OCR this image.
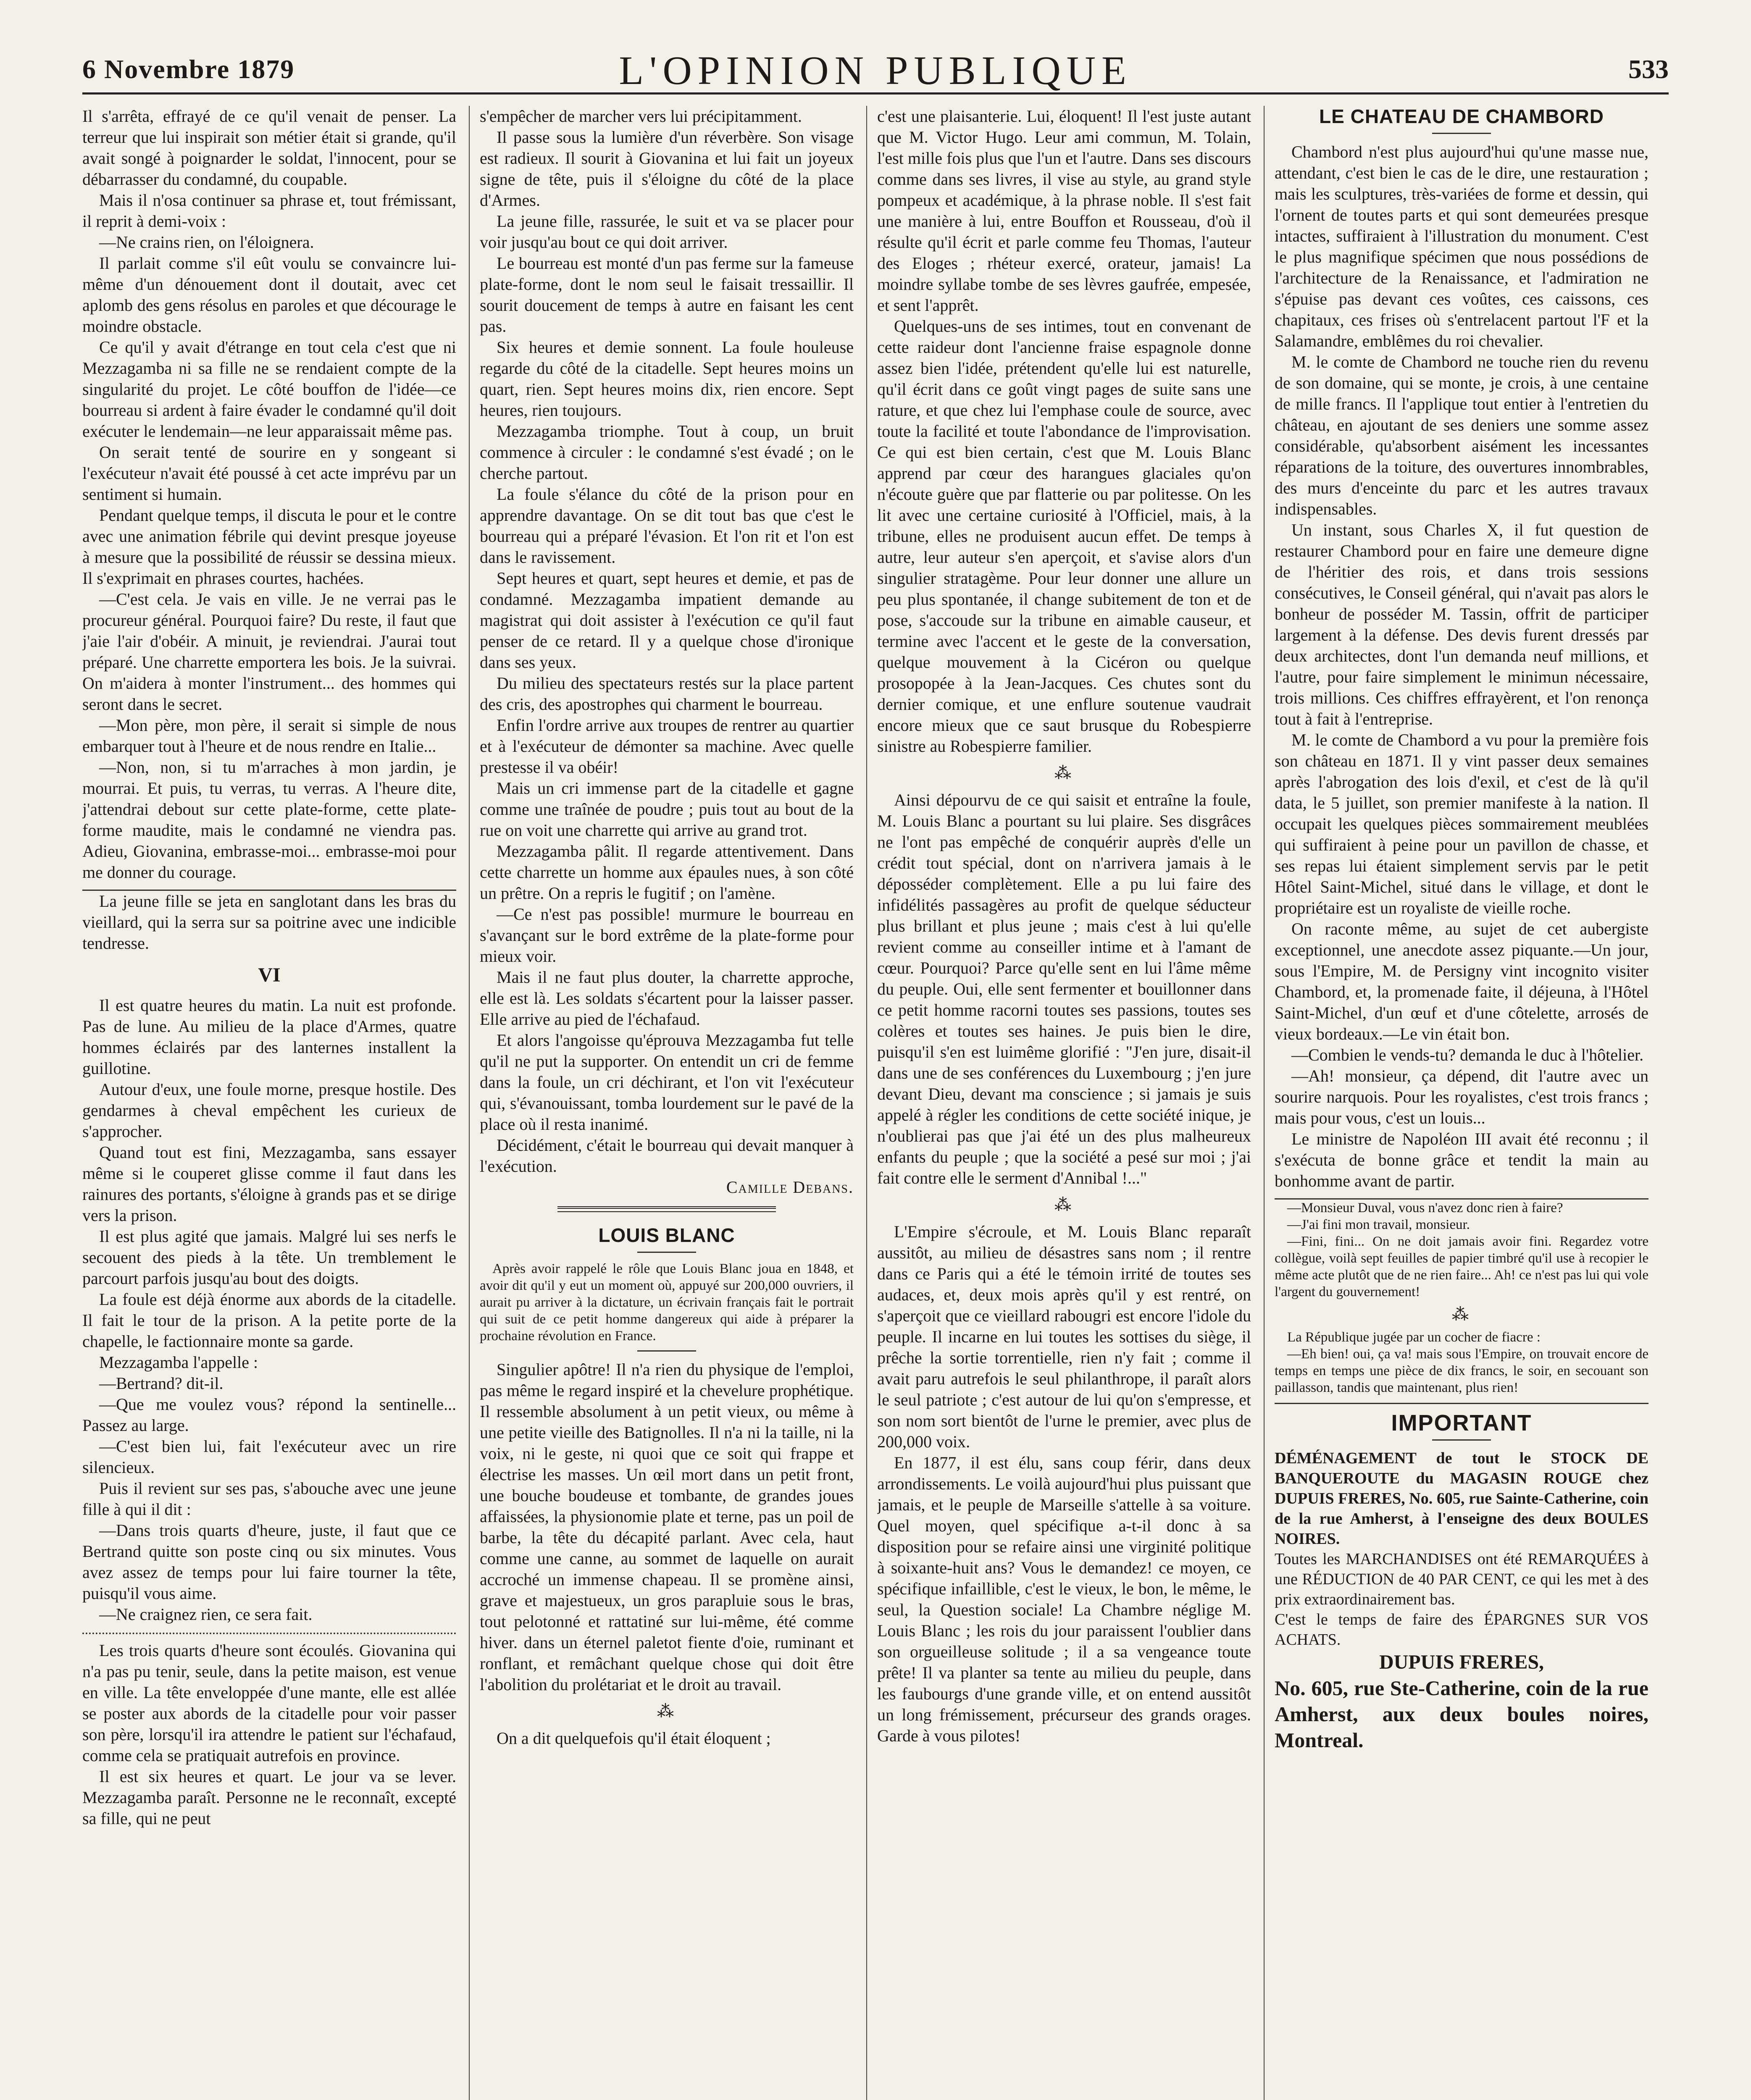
6 Novembre 1879	L'OPINION PUBLIQUE	533

Il s'arrêta, effrayé de ce qu'il venait de penser. La terreur que lui inspirait son métier était si grande, qu'il avait songé à poignarder le soldat, l'innocent, pour se débarrasser du condamné, du coupable.

Mais il n'osa continuer sa phrase et, tout frémissant, il reprit à demi-voix :

—Ne crains rien, on l'éloignera.

Il parlait comme s'il eût voulu se convaincre lui-même d'un dénouement dont il doutait, avec cet aplomb des gens résolus en paroles et que décourage le moindre obstacle.

Ce qu'il y avait d'étrange en tout cela c'est que ni Mezzagamba ni sa fille ne se rendaient compte de la singularité du projet. Le côté bouffon de l'idée—ce bourreau si ardent à faire évader le condamné qu'il doit exécuter le lendemain—ne leur apparaissait même pas.

On serait tenté de sourire en y songeant si l'exécuteur n'avait été poussé à cet acte imprévu par un sentiment si humain.

Pendant quelque temps, il discuta le pour et le contre avec une animation fébrile qui devint presque joyeuse à mesure que la possibilité de réussir se dessina mieux. Il s'exprimait en phrases courtes, hachées.

—C'est cela. Je vais en ville. Je ne verrai pas le procureur général. Pourquoi faire? Du reste, il faut que j'aie l'air d'obéir. A minuit, je reviendrai. J'aurai tout préparé. Une charrette emportera les bois. Je la suivrai. On m'aidera à monter l'instrument... des hommes qui seront dans le secret.

—Mon père, mon père, il serait si simple de nous embarquer tout à l'heure et de nous rendre en Italie...

—Non, non, si tu m'arraches à mon jardin, je mourrai. Et puis, tu verras, tu verras. A l'heure dite, j'attendrai debout sur cette plate-forme, cette plate-forme maudite, mais le condamné ne viendra pas. Adieu, Giovanina, embrasse-moi... embrasse-moi pour me donner du courage.

La jeune fille se jeta en sanglotant dans les bras du vieillard, qui la serra sur sa poitrine avec une indicible tendresse.

VI

Il est quatre heures du matin. La nuit est profonde. Pas de lune. Au milieu de la place d'Armes, quatre hommes éclairés par des lanternes installent la guillotine.

Autour d'eux, une foule morne, presque hostile. Des gendarmes à cheval empêchent les curieux de s'approcher.

Quand tout est fini, Mezzagamba, sans essayer même si le couperet glisse comme il faut dans les rainures des portants, s'éloigne à grands pas et se dirige vers la prison.

Il est plus agité que jamais. Malgré lui ses nerfs le secouent des pieds à la tête. Un tremblement le parcourt parfois jusqu'au bout des doigts.

La foule est déjà énorme aux abords de la citadelle. Il fait le tour de la prison. A la petite porte de la chapelle, le factionnaire monte sa garde.

Mezzagamba l'appelle :

—Bertrand? dit-il.

—Que me voulez vous? répond la sentinelle... Passez au large.

—C'est bien lui, fait l'exécuteur avec un rire silencieux.

Puis il revient sur ses pas, s'abouche avec une jeune fille à qui il dit :

—Dans trois quarts d'heure, juste, il faut que ce Bertrand quitte son poste cinq ou six minutes. Vous avez assez de temps pour lui faire tourner la tête, puisqu'il vous aime.

—Ne craignez rien, ce sera fait.

Les trois quarts d'heure sont écoulés. Giovanina qui n'a pas pu tenir, seule, dans la petite maison, est venue en ville. La tête enveloppée d'une mante, elle est allée se poster aux abords de la citadelle pour voir passer son père, lorsqu'il ira attendre le patient sur l'échafaud, comme cela se pratiquait autrefois en province.

Il est six heures et quart. Le jour va se lever. Mezzagamba paraît. Personne ne le reconnaît, excepté sa fille, qui ne peut

s'empêcher de marcher vers lui précipitamment.

Il passe sous la lumière d'un réverbère. Son visage est radieux. Il sourit à Giovanina et lui fait un joyeux signe de tête, puis il s'éloigne du côté de la place d'Armes.

La jeune fille, rassurée, le suit et va se placer pour voir jusqu'au bout ce qui doit arriver.

Le bourreau est monté d'un pas ferme sur la fameuse plate-forme, dont le nom seul le faisait tressaillir. Il sourit doucement de temps à autre en faisant les cent pas.

Six heures et demie sonnent. La foule houleuse regarde du côté de la citadelle. Sept heures moins un quart, rien. Sept heures moins dix, rien encore. Sept heures, rien toujours.

Mezzagamba triomphe. Tout à coup, un bruit commence à circuler : le condamné s'est évadé ; on le cherche partout.

La foule s'élance du côté de la prison pour en apprendre davantage. On se dit tout bas que c'est le bourreau qui a préparé l'évasion. Et l'on rit et l'on est dans le ravissement.

Sept heures et quart, sept heures et demie, et pas de condamné. Mezzagamba impatient demande au magistrat qui doit assister à l'exécution ce qu'il faut penser de ce retard. Il y a quelque chose d'ironique dans ses yeux.

Du milieu des spectateurs restés sur la place partent des cris, des apostrophes qui charment le bourreau.

Enfin l'ordre arrive aux troupes de rentrer au quartier et à l'exécuteur de démonter sa machine. Avec quelle prestesse il va obéir!

Mais un cri immense part de la citadelle et gagne comme une traînée de poudre ; puis tout au bout de la rue on voit une charrette qui arrive au grand trot.

Mezzagamba pâlit. Il regarde attentivement. Dans cette charrette un homme aux épaules nues, à son côté un prêtre. On a repris le fugitif ; on l'amène.

—Ce n'est pas possible! murmure le bourreau en s'avançant sur le bord extrême de la plate-forme pour mieux voir.

Mais il ne faut plus douter, la charrette approche, elle est là. Les soldats s'écartent pour la laisser passer. Elle arrive au pied de l'échafaud.

Et alors l'angoisse qu'éprouva Mezzagamba fut telle qu'il ne put la supporter. On entendit un cri de femme dans la foule, un cri déchirant, et l'on vit l'exécuteur qui, s'évanouissant, tomba lourdement sur le pavé de la place où il resta inanimé.

Décidément, c'était le bourreau qui devait manquer à l'exécution.

Camille Debans.

LOUIS BLANC

Après avoir rappelé le rôle que Louis Blanc joua en 1848, et avoir dit qu'il y eut un moment où, appuyé sur 200,000 ouvriers, il aurait pu arriver à la dictature, un écrivain français fait le portrait qui suit de ce petit homme dangereux qui aide à préparer la prochaine révolution en France.

Singulier apôtre! Il n'a rien du physique de l'emploi, pas même le regard inspiré et la chevelure prophétique. Il ressemble absolument à un petit vieux, ou même à une petite vieille des Batignolles. Il n'a ni la taille, ni la voix, ni le geste, ni quoi que ce soit qui frappe et électrise les masses. Un œil mort dans un petit front, une bouche boudeuse et tombante, de grandes joues affaissées, la physionomie plate et terne, pas un poil de barbe, la tête du décapité parlant. Avec cela, haut comme une canne, au sommet de laquelle on aurait accroché un immense chapeau. Il se promène ainsi, grave et majestueux, un gros parapluie sous le bras, tout pelotonné et rattatiné sur lui-même, été comme hiver. dans un éternel paletot fiente d'oie, ruminant et ronflant, et remâchant quelque chose qui doit être l'abolition du prolétariat et le droit au travail.

⁂

On a dit quelquefois qu'il était éloquent ;

c'est une plaisanterie. Lui, éloquent! Il l'est juste autant que M. Victor Hugo. Leur ami commun, M. Tolain, l'est mille fois plus que l'un et l'autre. Dans ses discours comme dans ses livres, il vise au style, au grand style pompeux et académique, à la phrase noble. Il s'est fait une manière à lui, entre Bouffon et Rousseau, d'où il résulte qu'il écrit et parle comme feu Thomas, l'auteur des Eloges ; rhéteur exercé, orateur, jamais! La moindre syllabe tombe de ses lèvres gaufrée, empesée, et sent l'apprêt.

Quelques-uns de ses intimes, tout en convenant de cette raideur dont l'ancienne fraise espagnole donne assez bien l'idée, prétendent qu'elle lui est naturelle, qu'il écrit dans ce goût vingt pages de suite sans une rature, et que chez lui l'emphase coule de source, avec toute la facilité et toute l'abondance de l'improvisation. Ce qui est bien certain, c'est que M. Louis Blanc apprend par cœur des harangues glaciales qu'on n'écoute guère que par flatterie ou par politesse. On les lit avec une certaine curiosité à l'Officiel, mais, à la tribune, elles ne produisent aucun effet. De temps à autre, leur auteur s'en aperçoit, et s'avise alors d'un singulier stratagème. Pour leur donner une allure un peu plus spontanée, il change subitement de ton et de pose, s'accoude sur la tribune en aimable causeur, et termine avec l'accent et le geste de la conversation, quelque mouvement à la Cicéron ou quelque prosopopée à la Jean-Jacques. Ces chutes sont du dernier comique, et une enflure soutenue vaudrait encore mieux que ce saut brusque du Robespierre sinistre au Robespierre familier.

⁂

Ainsi dépourvu de ce qui saisit et entraîne la foule, M. Louis Blanc a pourtant su lui plaire. Ses disgrâces ne l'ont pas empêché de conquérir auprès d'elle un crédit tout spécial, dont on n'arrivera jamais à le déposséder complètement. Elle a pu lui faire des infidélités passagères au profit de quelque séducteur plus brillant et plus jeune ; mais c'est à lui qu'elle revient comme au conseiller intime et à l'amant de cœur. Pourquoi? Parce qu'elle sent en lui l'âme même du peuple. Oui, elle sent fermenter et bouillonner dans ce petit homme racorni toutes ses passions, toutes ses colères et toutes ses haines. Je puis bien le dire, puisqu'il s'en est luimême glorifié : "J'en jure, disait-il dans une de ses conférences du Luxembourg ; j'en jure devant Dieu, devant ma conscience ; si jamais je suis appelé à régler les conditions de cette société inique, je n'oublierai pas que j'ai été un des plus malheureux enfants du peuple ; que la société a pesé sur moi ; j'ai fait contre elle le serment d'Annibal !..."

⁂

L'Empire s'écroule, et M. Louis Blanc reparaît aussitôt, au milieu de désastres sans nom ; il rentre dans ce Paris qui a été le témoin irrité de toutes ses audaces, et, deux mois après qu'il y est rentré, on s'aperçoit que ce vieillard rabougri est encore l'idole du peuple. Il incarne en lui toutes les sottises du siège, il prêche la sortie torrentielle, rien n'y fait ; comme il avait paru autrefois le seul philanthrope, il paraît alors le seul patriote ; c'est autour de lui qu'on s'empresse, et son nom sort bientôt de l'urne le premier, avec plus de 200,000 voix.

En 1877, il est élu, sans coup férir, dans deux arrondissements. Le voilà aujourd'hui plus puissant que jamais, et le peuple de Marseille s'attelle à sa voiture. Quel moyen, quel spécifique a-t-il donc à sa disposition pour se refaire ainsi une virginité politique à soixante-huit ans? Vous le demandez! ce moyen, ce spécifique infaillible, c'est le vieux, le bon, le même, le seul, la Question sociale! La Chambre néglige M. Louis Blanc ; les rois du jour paraissent l'oublier dans son orgueilleuse solitude ; il a sa vengeance toute prête! Il va planter sa tente au milieu du peuple, dans les faubourgs d'une grande ville, et on entend aussitôt un long frémissement, précurseur des grands orages. Garde à vous pilotes!

LE CHATEAU DE CHAMBORD

Chambord n'est plus aujourd'hui qu'une masse nue, attendant, c'est bien le cas de le dire, une restauration ; mais les sculptures, très-variées de forme et dessin, qui l'ornent de toutes parts et qui sont demeurées presque intactes, suffiraient à l'illustration du monument. C'est le plus magnifique spécimen que nous possédions de l'architecture de la Renaissance, et l'admiration ne s'épuise pas devant ces voûtes, ces caissons, ces chapitaux, ces frises où s'entrelacent partout l'F et la Salamandre, emblêmes du roi chevalier.

M. le comte de Chambord ne touche rien du revenu de son domaine, qui se monte, je crois, à une centaine de mille francs. Il l'applique tout entier à l'entretien du château, en ajoutant de ses deniers une somme assez considérable, qu'absorbent aisément les incessantes réparations de la toiture, des ouvertures innombrables, des murs d'enceinte du parc et les autres travaux indispensables.

Un instant, sous Charles X, il fut question de restaurer Chambord pour en faire une demeure digne de l'héritier des rois, et dans trois sessions consécutives, le Conseil général, qui n'avait pas alors le bonheur de posséder M. Tassin, offrit de participer largement à la défense. Des devis furent dressés par deux architectes, dont l'un demanda neuf millions, et l'autre, pour faire simplement le minimun nécessaire, trois millions. Ces chiffres effrayèrent, et l'on renonça tout à fait à l'entreprise.

M. le comte de Chambord a vu pour la première fois son château en 1871. Il y vint passer deux semaines après l'abrogation des lois d'exil, et c'est de là qu'il data, le 5 juillet, son premier manifeste à la nation. Il occupait les quelques pièces sommairement meublées qui suffiraient à peine pour un pavillon de chasse, et ses repas lui étaient simplement servis par le petit Hôtel Saint-Michel, situé dans le village, et dont le propriétaire est un royaliste de vieille roche.

On raconte même, au sujet de cet aubergiste exceptionnel, une anecdote assez piquante.—Un jour, sous l'Empire, M. de Persigny vint incognito visiter Chambord, et, la promenade faite, il déjeuna, à l'Hôtel Saint-Michel, d'un œuf et d'une côtelette, arrosés de vieux bordeaux.—Le vin était bon.

—Combien le vends-tu? demanda le duc à l'hôtelier.

—Ah! monsieur, ça dépend, dit l'autre avec un sourire narquois. Pour les royalistes, c'est trois francs ; mais pour vous, c'est un louis...

Le ministre de Napoléon III avait été reconnu ; il s'exécuta de bonne grâce et tendit la main au bonhomme avant de partir.

—Monsieur Duval, vous n'avez donc rien à faire?

—J'ai fini mon travail, monsieur.

—Fini, fini... On ne doit jamais avoir fini. Regardez votre collègue, voilà sept feuilles de papier timbré qu'il use à recopier le même acte plutôt que de ne rien faire... Ah! ce n'est pas lui qui vole l'argent du gouvernement!

⁂

La République jugée par un cocher de fiacre :

—Eh bien! oui, ça va! mais sous l'Empire, on trouvait encore de temps en temps une pièce de dix francs, le soir, en secouant son paillasson, tandis que maintenant, plus rien!

IMPORTANT

DÉMÉNAGEMENT de tout le STOCK DE BANQUEROUTE du MAGASIN ROUGE chez DUPUIS FRERES, No. 605, rue Sainte-Catherine, coin de la rue Amherst, à l'enseigne des deux BOULES NOIRES.

Toutes les MARCHANDISES ont été REMARQUÉES à une RÉDUCTION de 40 PAR CENT, ce qui les met à des prix extraordinairement bas.

C'est le temps de faire des ÉPARGNES SUR VOS ACHATS.

DUPUIS FRERES,

No. 605, rue Ste-Catherine, coin de la rue Amherst, aux deux boules noires, Montreal.
